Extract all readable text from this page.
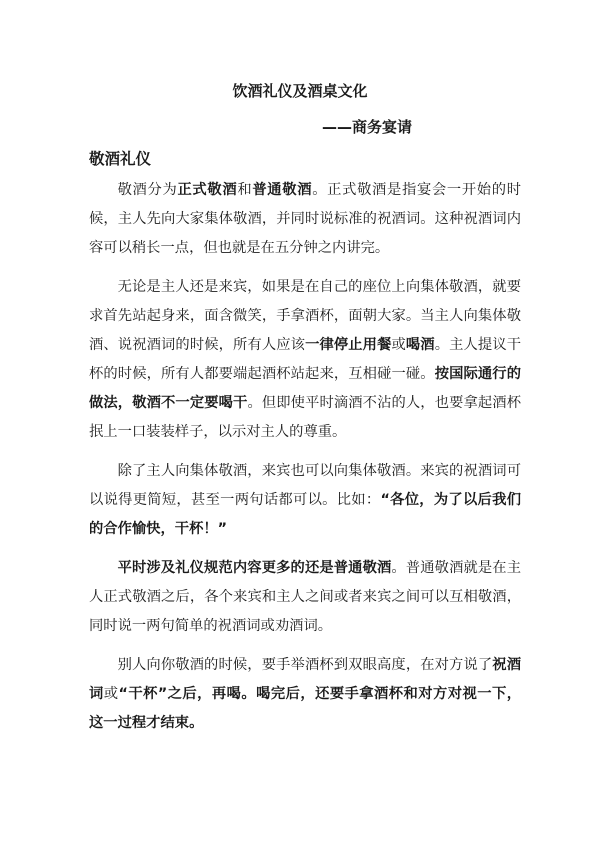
饮酒礼仪及酒桌文化
——商务宴请
敬酒礼仪

敬酒分为正式敬酒和普通敬酒。正式敬酒是指宴会一开始的时候，主人先向大家集体敬酒，并同时说标准的祝酒词。这种祝酒词内容可以稍长一点，但也就是在五分钟之内讲完。

无论是主人还是来宾，如果是在自己的座位上向集体敬酒，就要求首先站起身来，面含微笑，手拿酒杯，面朝大家。当主人向集体敬酒、说祝酒词的时候，所有人应该一律停止用餐或喝酒。主人提议干杯的时候，所有人都要端起酒杯站起来，互相碰一碰。按国际通行的做法，敬酒不一定要喝干。但即使平时滴酒不沾的人，也要拿起酒杯抿上一口装装样子，以示对主人的尊重。

除了主人向集体敬酒，来宾也可以向集体敬酒。来宾的祝酒词可以说得更简短，甚至一两句话都可以。比如：“各位，为了以后我们的合作愉快，干杯！”

平时涉及礼仪规范内容更多的还是普通敬酒。普通敬酒就是在主人正式敬酒之后，各个来宾和主人之间或者来宾之间可以互相敬酒，同时说一两句简单的祝酒词或劝酒词。

别人向你敬酒的时候，要手举酒杯到双眼高度，在对方说了祝酒词或“干杯”之后，再喝。喝完后，还要手拿酒杯和对方对视一下，这一过程才结束。
